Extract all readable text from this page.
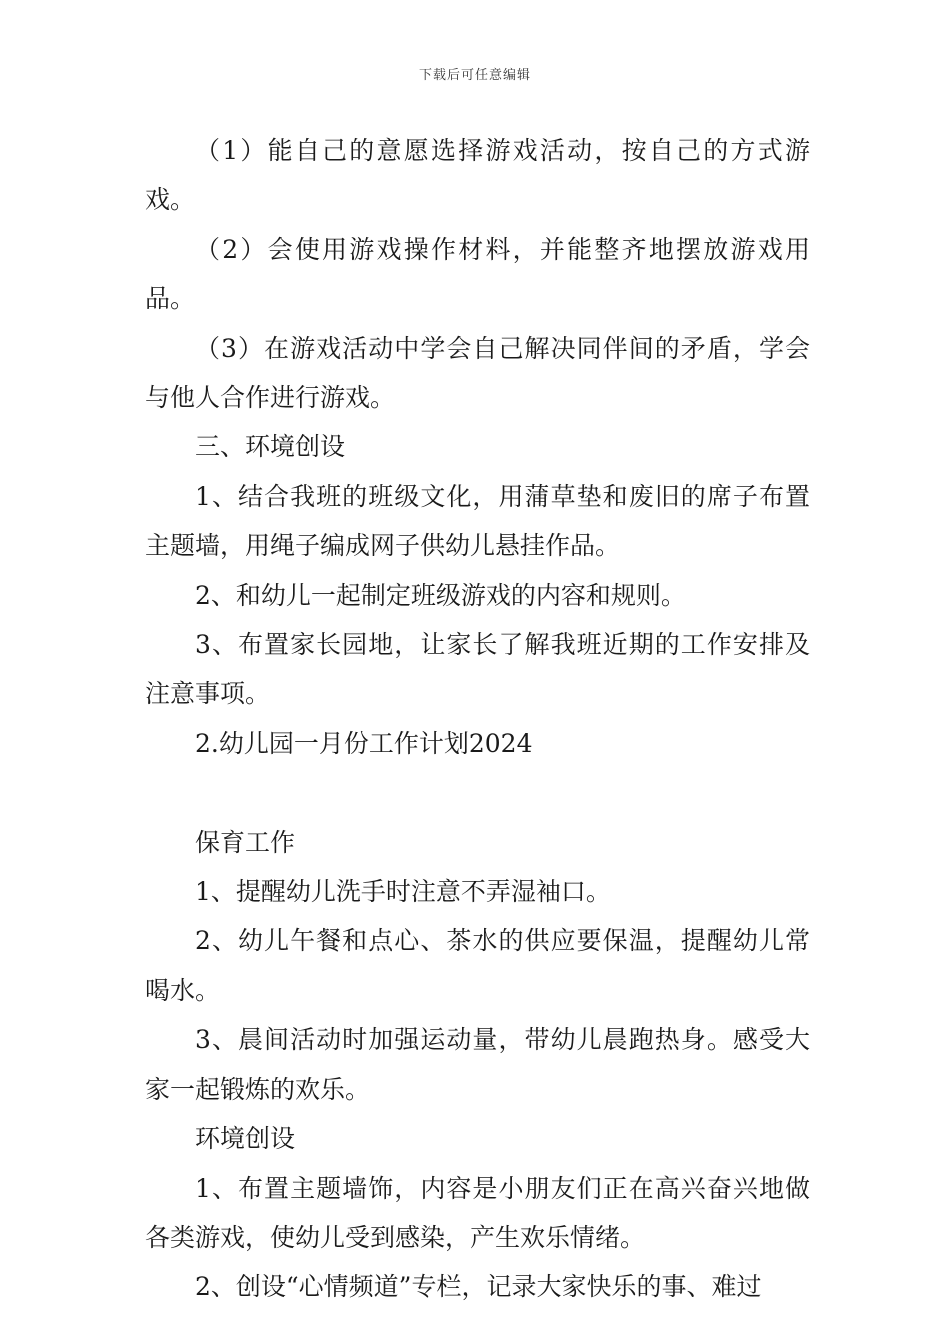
下载后可任意编辑

（1）能自己的意愿选择游戏活动，按自己的方式游戏。

（2）会使用游戏操作材料，并能整齐地摆放游戏用品。

（3）在游戏活动中学会自己解决同伴间的矛盾，学会与他人合作进行游戏。

三、环境创设

1、结合我班的班级文化，用蒲草垫和废旧的席子布置主题墙，用绳子编成网子供幼儿悬挂作品。

2、和幼儿一起制定班级游戏的内容和规则。

3、布置家长园地，让家长了解我班近期的工作安排及注意事项。

2.幼儿园一月份工作计划2024

保育工作

1、提醒幼儿洗手时注意不弄湿袖口。

2、幼儿午餐和点心、茶水的供应要保温，提醒幼儿常喝水。

3、晨间活动时加强运动量，带幼儿晨跑热身。感受大家一起锻炼的欢乐。

环境创设

1、布置主题墙饰，内容是小朋友们正在高兴奋兴地做各类游戏，使幼儿受到感染，产生欢乐情绪。

2、创设“心情频道”专栏，记录大家快乐的事、难过
